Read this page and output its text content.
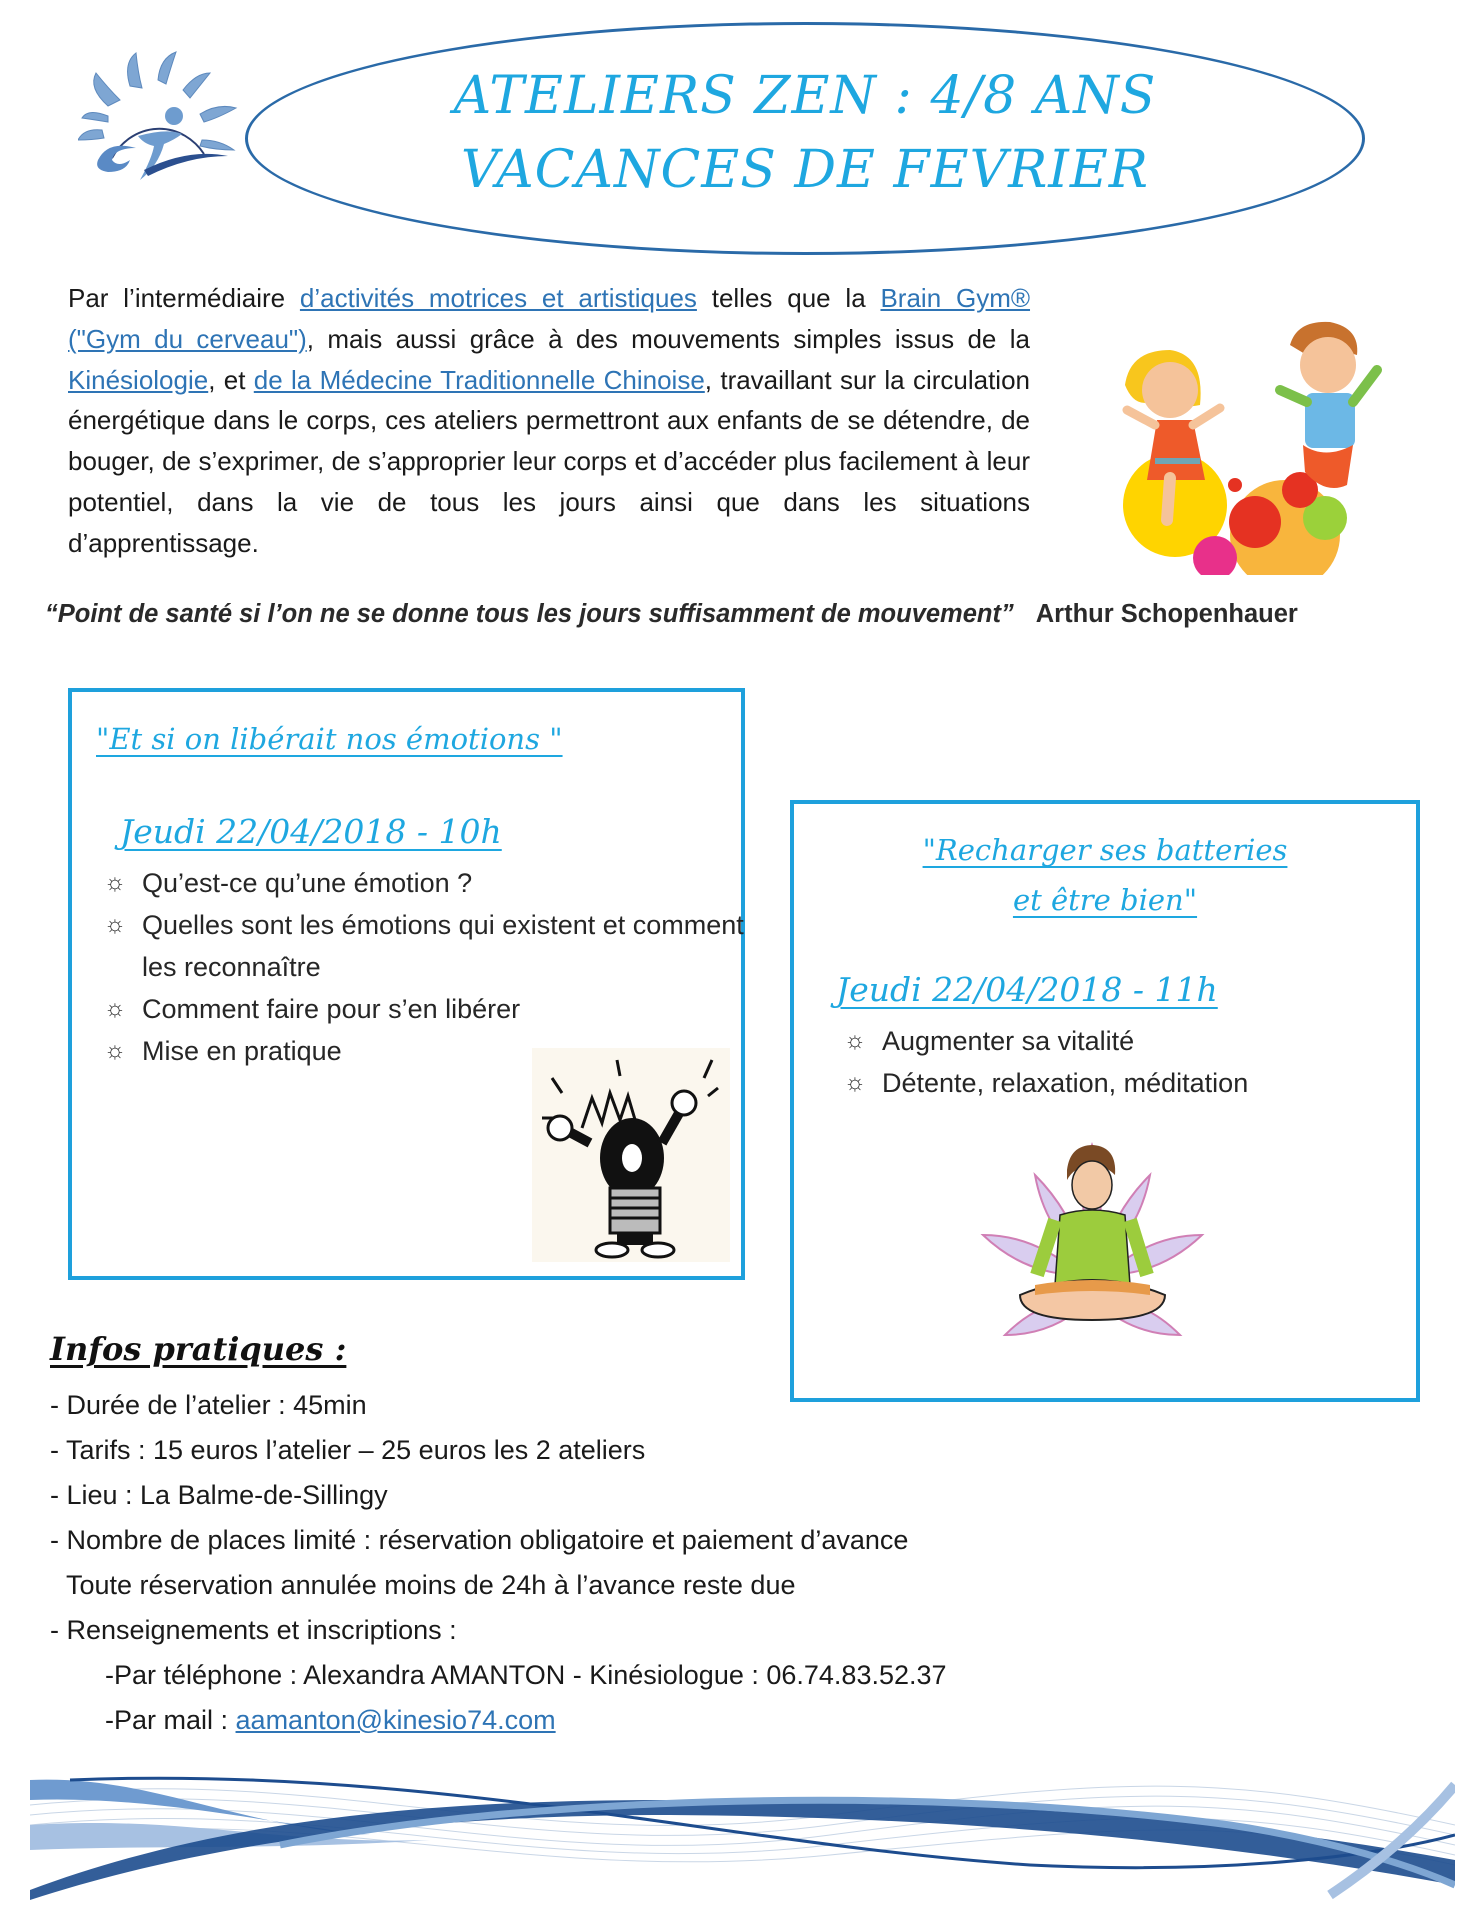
ATELIERS ZEN : 4/8 ANS
VACANCES DE FEVRIER
Par l’intermédiaire d’activités motrices et artistiques telles que la Brain Gym® ("Gym du cerveau"), mais aussi grâce à des mouvements simples issus de la Kinésiologie, et de la Médecine Traditionnelle Chinoise, travaillant sur la circulation énergétique dans le corps, ces ateliers permettront aux enfants de se détendre, de bouger, de s’exprimer, de s’approprier leur corps et d’accéder plus facilement à leur potentiel, dans la vie de tous les jours ainsi que dans les situations d’apprentissage.
“Point de santé si l’on ne se donne tous les jours suffisamment de mouvement” Arthur Schopenhauer
"Et si on libérait nos émotions "
Jeudi 22/04/2018 - 10h
☼ Qu’est-ce qu’une émotion ?
☼ Quelles sont les émotions qui existent et comment les reconnaître
☼ Comment faire pour s’en libérer
☼ Mise en pratique
"Recharger ses batteries
et être bien"
Jeudi 22/04/2018 - 11h
☼ Augmenter sa vitalité
☼ Détente, relaxation, méditation
Infos pratiques :
- Durée de l’atelier : 45min
- Tarifs : 15 euros l’atelier – 25 euros les 2 ateliers
- Lieu : La Balme-de-Sillingy
- Nombre de places limité : réservation obligatoire et paiement d’avance
Toute réservation annulée moins de 24h à l’avance reste due
- Renseignements et inscriptions :
-Par téléphone : Alexandra AMANTON - Kinésiologue : 06.74.83.52.37
-Par mail : aamanton@kinesio74.com
